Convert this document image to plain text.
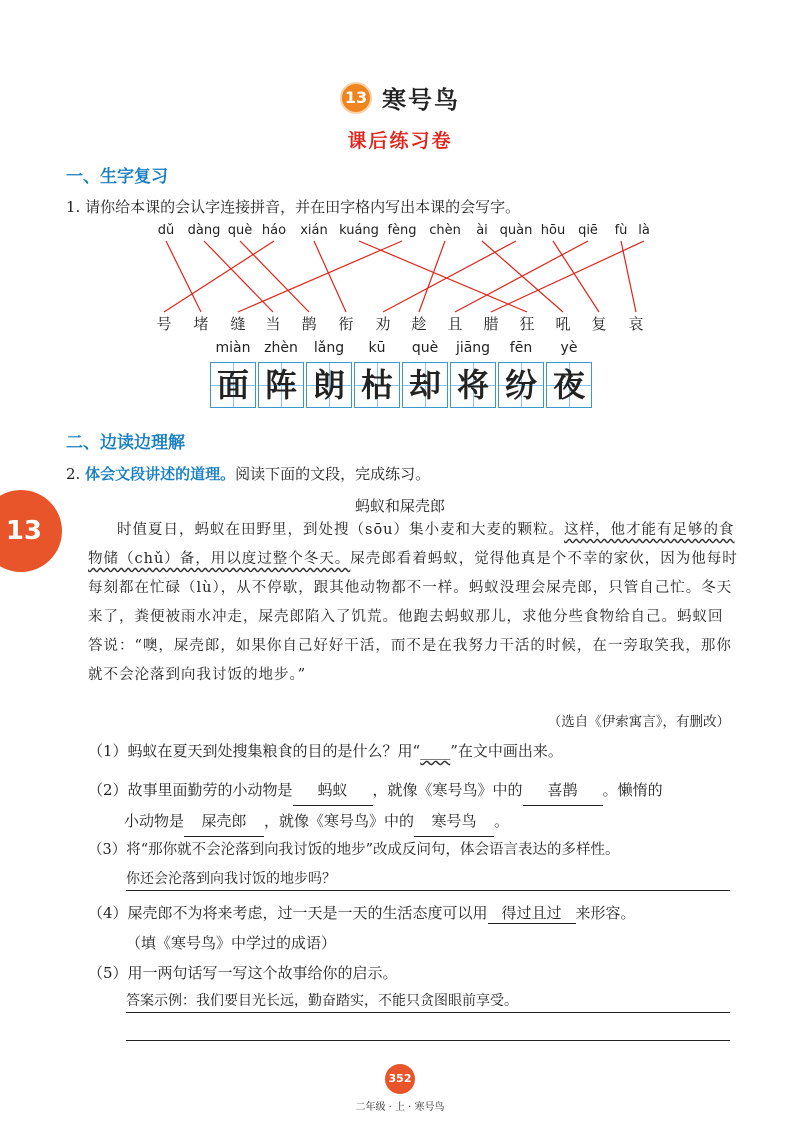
13 寒号鸟
课后练习卷
一、生字复习
1. 请你给本课的会认字连接拼音，并在田字格内写出本课的会写字。
dǔ	dàng què háo	xián kuáng fèng chèn	ài quàn hōu qiē	fù là
号	堵	缝	当	鹊	衔	劝	趁	且	腊	狂	吼	复	哀
miàn zhèn	lǎng	kū	què	jiāng	fēn	yè
面 阵 朗 枯 却 将 纷 夜
13
二、边读边理解
2. 体会文段讲述的道理。阅读下面的文段，完成练习。
蚂蚁和屎壳郎
时值夏日，蚂蚁在田野里，到处搜（sōu）集小麦和大麦的颗粒。这样，他才能有足够的食物储（chǔ）备，用以度过整个冬天。屎壳郎看着蚂蚁，觉得他真是个不幸的家伙，因为他每时每刻都在忙碌（lù），从不停歇，跟其他动物都不一样。蚂蚁没理会屎壳郎，只管自己忙。冬天来了，粪便被雨水冲走，屎壳郎陷入了饥荒。他跑去蚂蚁那儿，求他分些食物给自己。蚂蚁回答说：“噢，屎壳郎，如果你自己好好干活，而不是在我努力干活的时候，在一旁取笑我，那你就不会沦落到向我讨饭的地步。”
（选自《伊索寓言》，有删改）
（1）蚂蚁在夏天到处搜集粮食的目的是什么？用“____”在文中画出来。
（2）故事里面勤劳的小动物是 蚂蚁 ，就像《寒号鸟》中的 喜鹊 。懒惰的
小动物是 屎壳郎 ，就像《寒号鸟》中的 寒号鸟 。
（3）将“那你就不会沦落到向我讨饭的地步”改成反问句，体会语言表达的多样性。
你还会沦落到向我讨饭的地步吗？
（4）屎壳郎不为将来考虑，过一天是一天的生活态度可以用 得过且过 来形容。
（填《寒号鸟》中学过的成语）
（5）用一两句话写一写这个故事给你的启示。
答案示例：我们要目光长远，勤奋踏实，不能只贪图眼前享受。
352
二年级 · 上 · 寒号鸟
